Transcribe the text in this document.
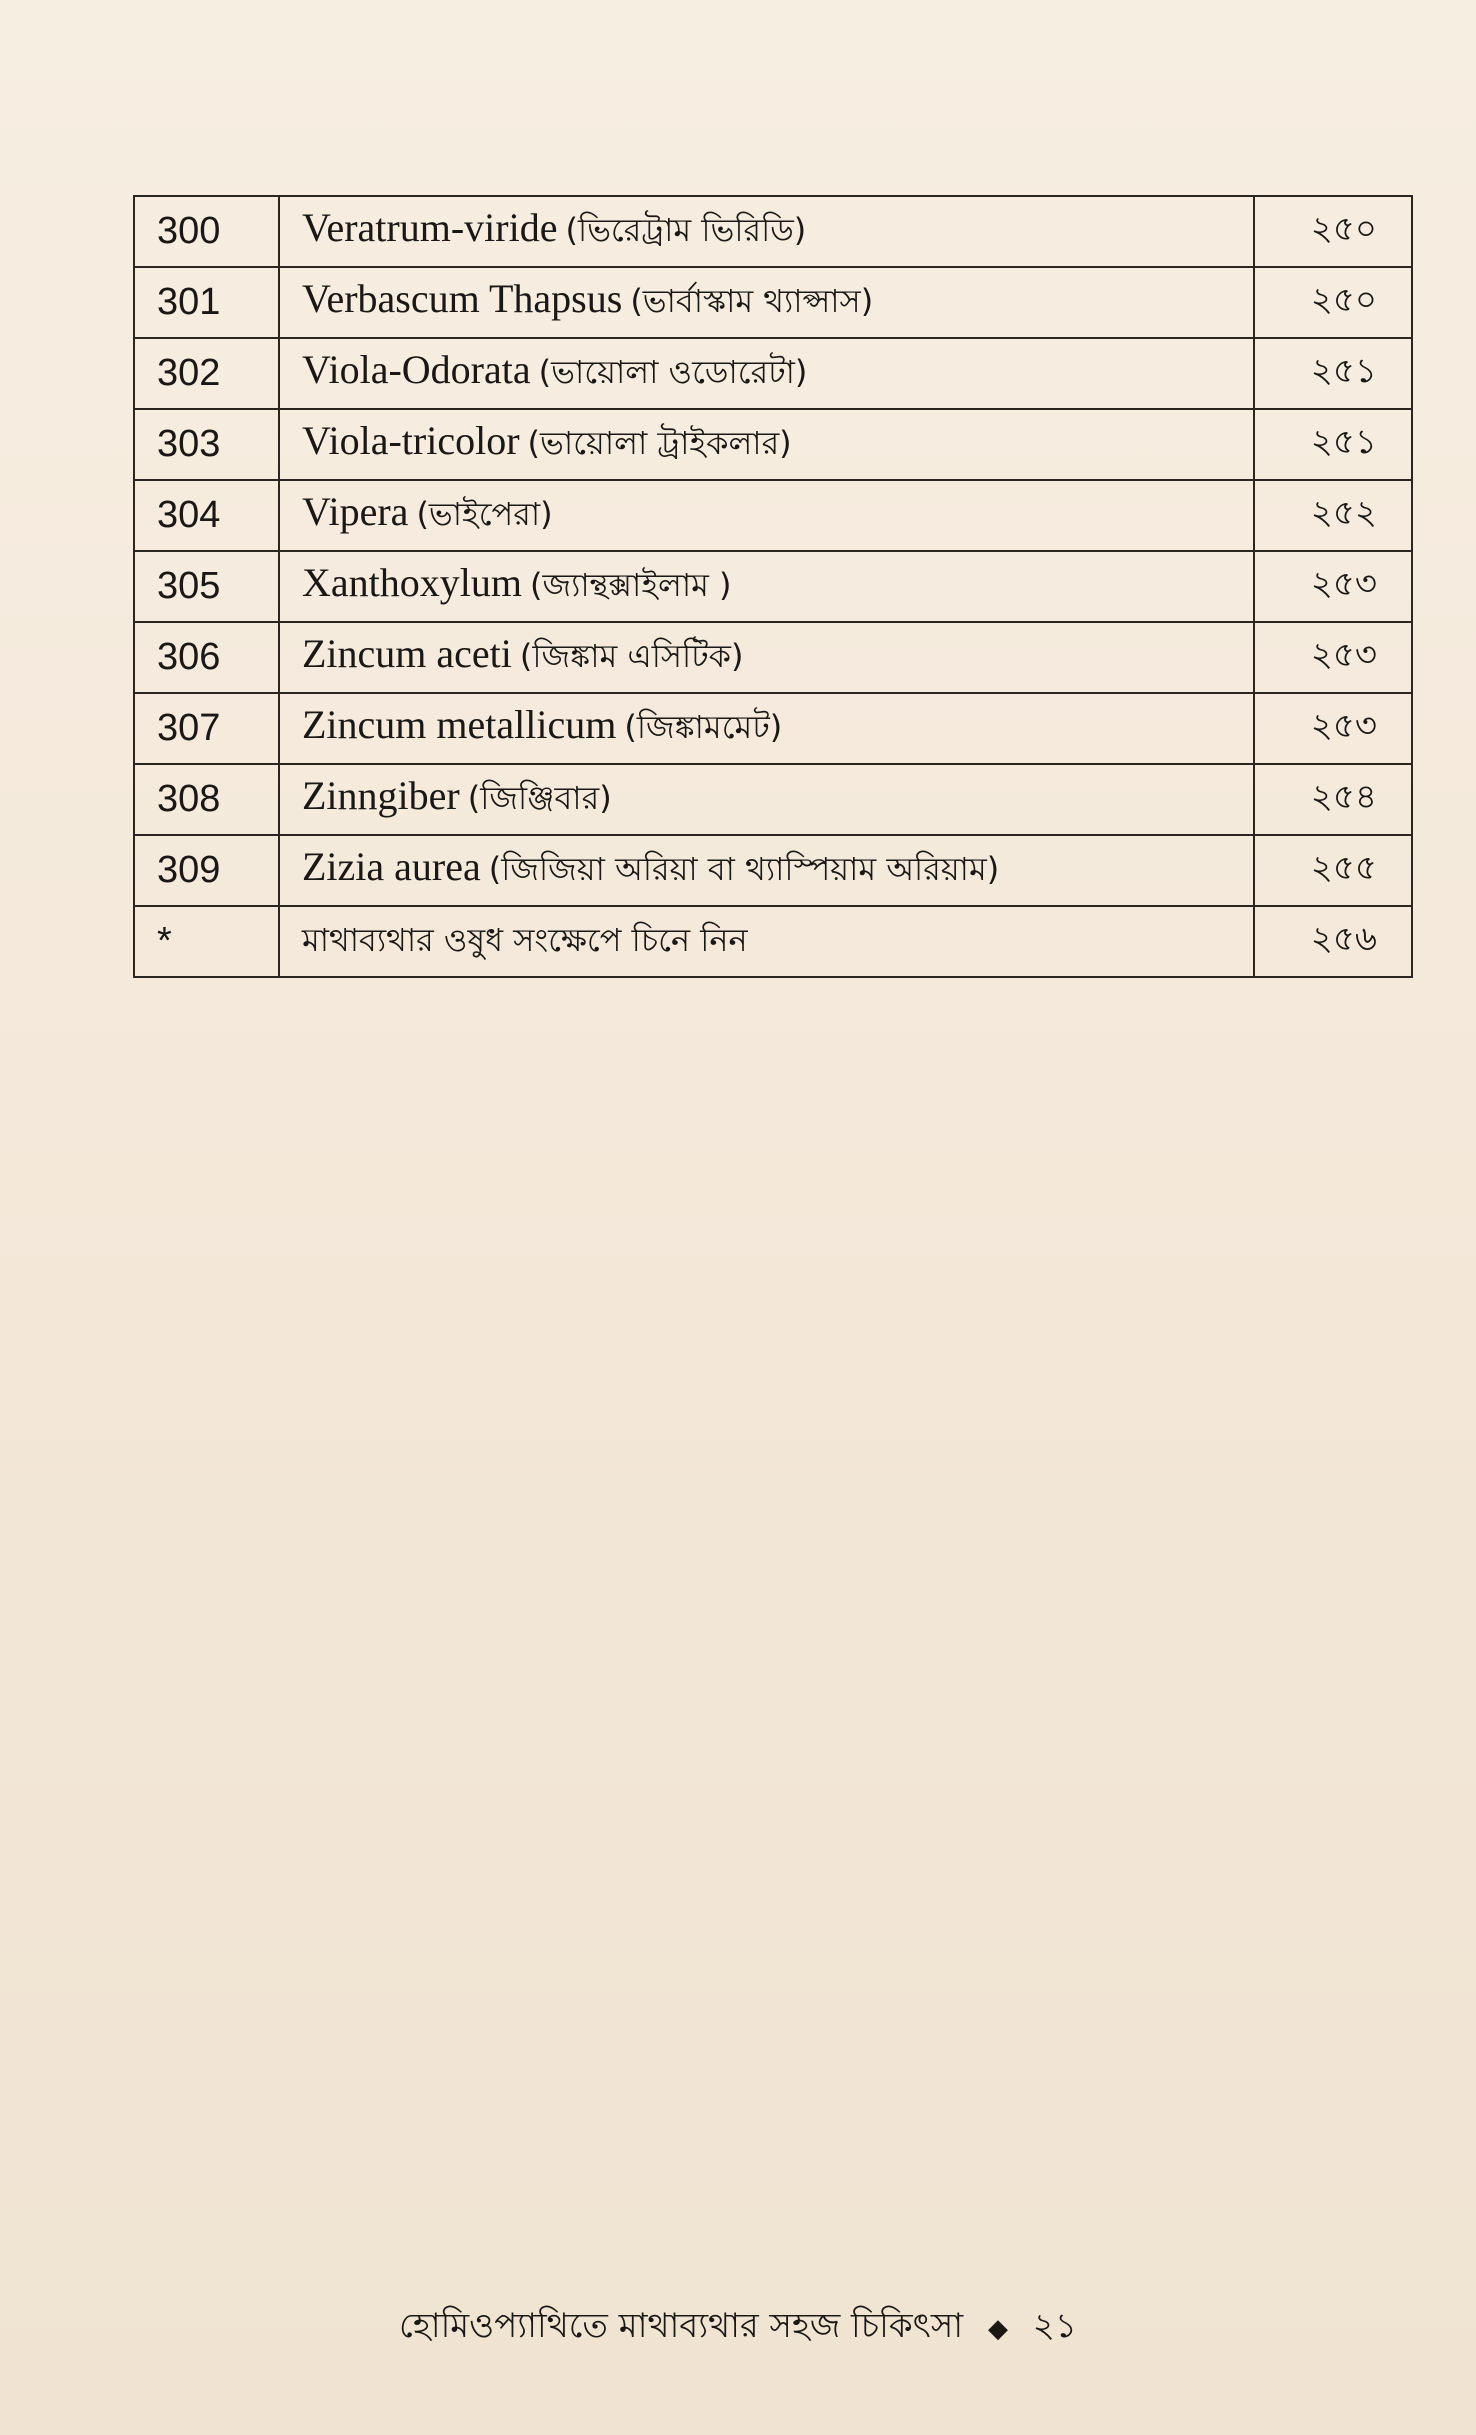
300	Veratrum-viride (ভিরেট্রাম ভিরিডি)	২৫০
301	Verbascum Thapsus (ভার্বাস্কাম থ্যাপ্সাস)	২৫০
302	Viola-Odorata (ভায়োলা ওডোরেটা)	২৫১
303	Viola-tricolor (ভায়োলা ট্রাইকলার)	২৫১
304	Vipera (ভাইপেরা)	২৫২
305	Xanthoxylum (জ্যান্থক্সাইলাম )	২৫৩
306	Zincum aceti (জিঙ্কাম এসিটিক)	২৫৩
307	Zincum metallicum (জিঙ্কামমেট)	২৫৩
308	Zinngiber (জিঞ্জিবার)	২৫৪
309	Zizia aurea (জিজিয়া অরিয়া বা থ্যাস্পিয়াম অরিয়াম)	২৫৫
*	মাথাব্যথার ওষুধ সংক্ষেপে চিনে নিন	২৫৬
হোমিওপ্যাথিতে মাথাব্যথার সহজ চিকিৎসা ◆ ২১
